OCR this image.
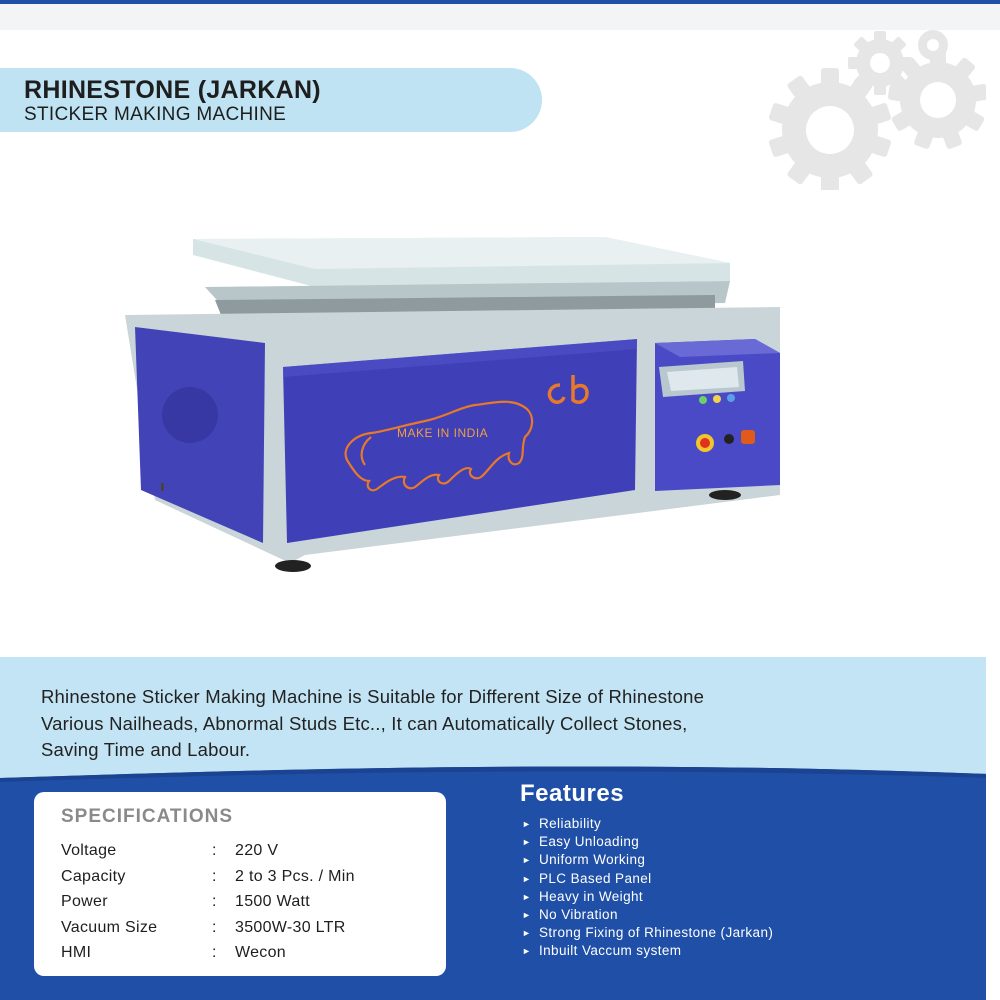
RHINESTONE (JARKAN)
STICKER MAKING MACHINE
MAKE IN INDIA
Rhinestone Sticker Making Machine is Suitable for Different Size of Rhinestone
Various Nailheads, Abnormal Studs Etc.., It can Automatically Collect Stones,
Saving Time and Labour.
SPECIFICATIONS
Voltage	: 220 V
Capacity	: 2 to 3 Pcs. / Min
Power	: 1500 Watt
Vacuum Size	: 3500W-30 LTR
HMI	: Wecon
Features
► Reliability
► Easy Unloading
► Uniform Working
► PLC Based Panel
► Heavy in Weight
► No Vibration
► Strong Fixing of Rhinestone (Jarkan)
► Inbuilt Vaccum system
